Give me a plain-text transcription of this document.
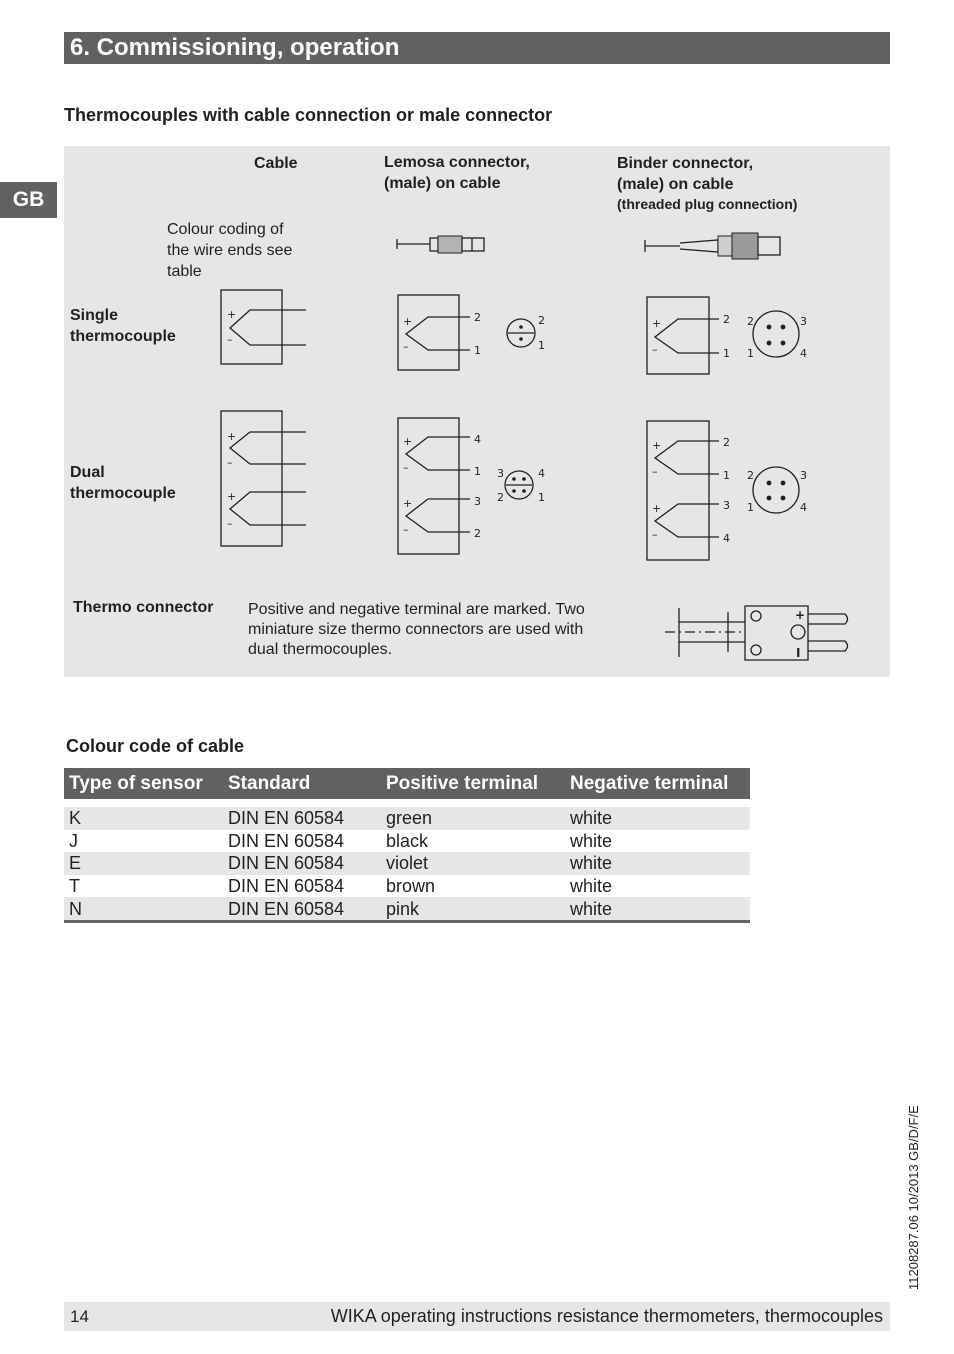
6. Commissioning, operation
GB
Thermocouples with cable connection or male connector
Cable	Lemosa connector,
(male) on cable
Binder connector,
(male) on cable
(threaded plug connection)
Colour coding of
the wire ends see
table
Single
thermocouple
Dual
thermocouple
Thermo connector Positive and negative terminal are marked. Two
miniature size thermo connectors are used with
dual thermocouples.
+
–
+
–
+
–
+
–
2
1
2
1
+
–
+
–
4
1
3
2
3	4
2	1
+
–
2
1
2	3
1	4
+
–
+
–
2
1
3
4
2	3
1	4
+
I
Colour code of cable
Type of sensor	Standard	Positive terminal	Negative terminal

K	DIN EN 60584	green	white
J	DIN EN 60584	black	white
E	DIN EN 60584	violet	white
T	DIN EN 60584	brown	white
N	DIN EN 60584	pink	white
11208287.06 10/2013 GB/D/F/E
14	WIKA operating instructions resistance thermometers, thermocouples
